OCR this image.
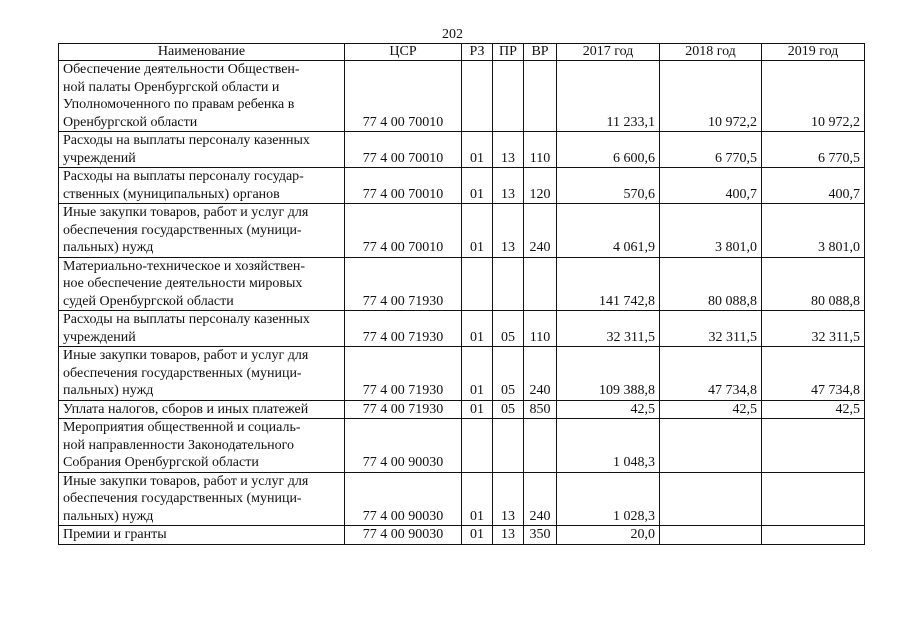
202
Наименование	ЦСР	РЗ	ПР	ВР	2017 год	2018 год	2019 год

Обеспечение деятельности Обществен-
ной палаты Оренбургской области и
Уполномоченного по правам ребенка в
Оренбургской области	77 4 00 70010				11 233,1	10 972,2	10 972,2

Расходы на выплаты персоналу казенных
учреждений	77 4 00 70010	01	13	110	6 600,6	6 770,5	6 770,5

Расходы на выплаты персоналу государ-
ственных (муниципальных) органов	77 4 00 70010	01	13	120	570,6	400,7	400,7

Иные закупки товаров, работ и услуг для
обеспечения государственных (муници-
пальных) нужд	77 4 00 70010	01	13	240	4 061,9	3 801,0	3 801,0

Материально-техническое и хозяйствен-
ное обеспечение деятельности мировых
судей Оренбургской области	77 4 00 71930				141 742,8	80 088,8	80 088,8

Расходы на выплаты персоналу казенных
учреждений	77 4 00 71930	01	05	110	32 311,5	32 311,5	32 311,5

Иные закупки товаров, работ и услуг для
обеспечения государственных (муници-
пальных) нужд	77 4 00 71930	01	05	240	109 388,8	47 734,8	47 734,8

Уплата налогов, сборов и иных платежей	77 4 00 71930	01	05	850	42,5	42,5	42,5

Мероприятия общественной и социаль-
ной направленности Законодательного
Собрания Оренбургской области	77 4 00 90030				1 048,3		

Иные закупки товаров, работ и услуг для
обеспечения государственных (муници-
пальных) нужд	77 4 00 90030	01	13	240	1 028,3		

Премии и гранты	77 4 00 90030	01	13	350	20,0		
